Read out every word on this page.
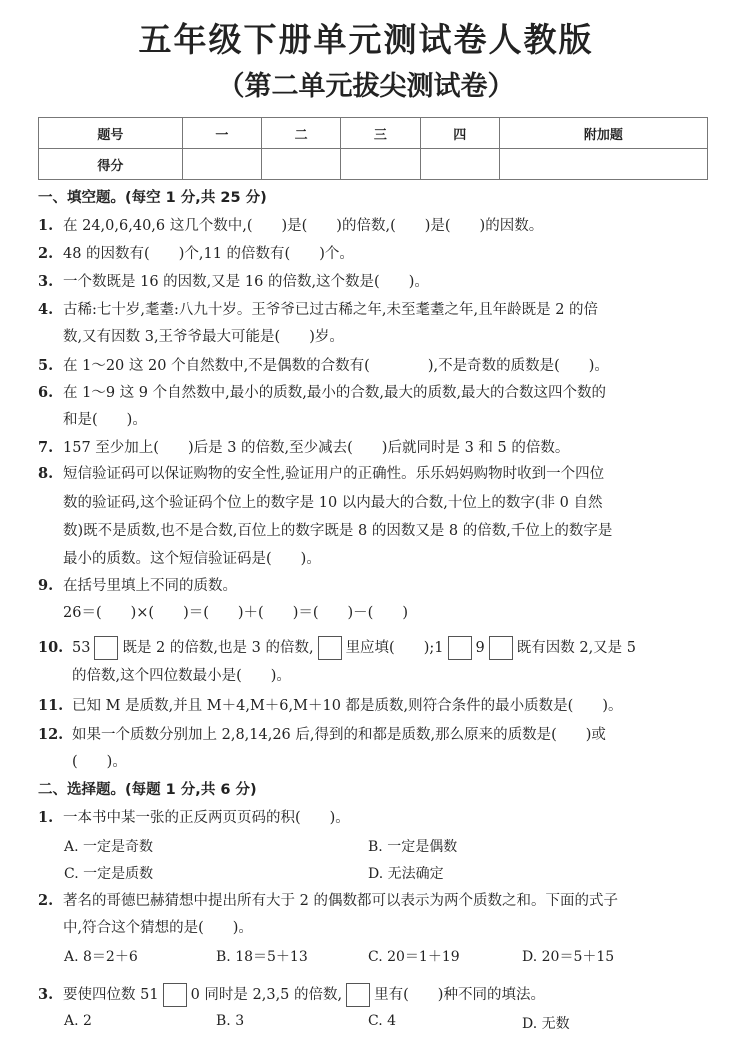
五年级下册单元测试卷人教版
（第二单元拔尖测试卷）
题号	一	二	三	四	附加题
得分					
一、填空题。(每空 1 分,共 25 分)
1. 在 24,0,6,40,6 这几个数中,(　　)是(　　)的倍数,(　　)是(　　)的因数。
2. 48 的因数有(　　)个,11 的倍数有(　　)个。
3. 一个数既是 16 的因数,又是 16 的倍数,这个数是(　　)。
4. 古稀:七十岁,耄耋:八九十岁。王爷爷已过古稀之年,未至耄耋之年,且年龄既是 2 的倍
数,又有因数 3,王爷爷最大可能是(　　)岁。
5. 在 1～20 这 20 个自然数中,不是偶数的合数有(　　　　),不是奇数的质数是(　　)。
6. 在 1～9 这 9 个自然数中,最小的质数,最小的合数,最大的质数,最大的合数这四个数的
和是(　　)。
7. 157 至少加上(　　)后是 3 的倍数,至少减去(　　)后就同时是 3 和 5 的倍数。
8. 短信验证码可以保证购物的安全性,验证用户的正确性。乐乐妈妈购物时收到一个四位
数的验证码,这个验证码个位上的数字是 10 以内最大的合数,十位上的数字(非 0 自然
数)既不是质数,也不是合数,百位上的数字既是 8 的因数又是 8 的倍数,千位上的数字是
最小的质数。这个短信验证码是(　　)。
9. 在括号里填上不同的质数。
26＝(　　)×(　　)＝(　　)＋(　　)＝(　　)－(　　)
10. 53 既是 2 的倍数,也是 3 的倍数, 里应填(　　);1 9 既有因数 2,又是 5
的倍数,这个四位数最小是(　　)。
11. 已知 M 是质数,并且 M＋4,M＋6,M＋10 都是质数,则符合条件的最小质数是(　　)。
12. 如果一个质数分别加上 2,8,14,26 后,得到的和都是质数,那么原来的质数是(　　)或
(　　)。
二、选择题。(每题 1 分,共 6 分)
1. 一本书中某一张的正反两页页码的积(　　)。
A. 一定是奇数	B. 一定是偶数
C. 一定是质数	D. 无法确定
2. 著名的哥德巴赫猜想中提出所有大于 2 的偶数都可以表示为两个质数之和。下面的式子
中,符合这个猜想的是(　　)。
A. 8＝2＋6	B. 18＝5＋13	C. 20＝1＋19	D. 20＝5＋15
3. 要使四位数 51 0 同时是 2,3,5 的倍数, 里有(　　)种不同的填法。
A. 2	B. 3	C. 4	D. 无数
